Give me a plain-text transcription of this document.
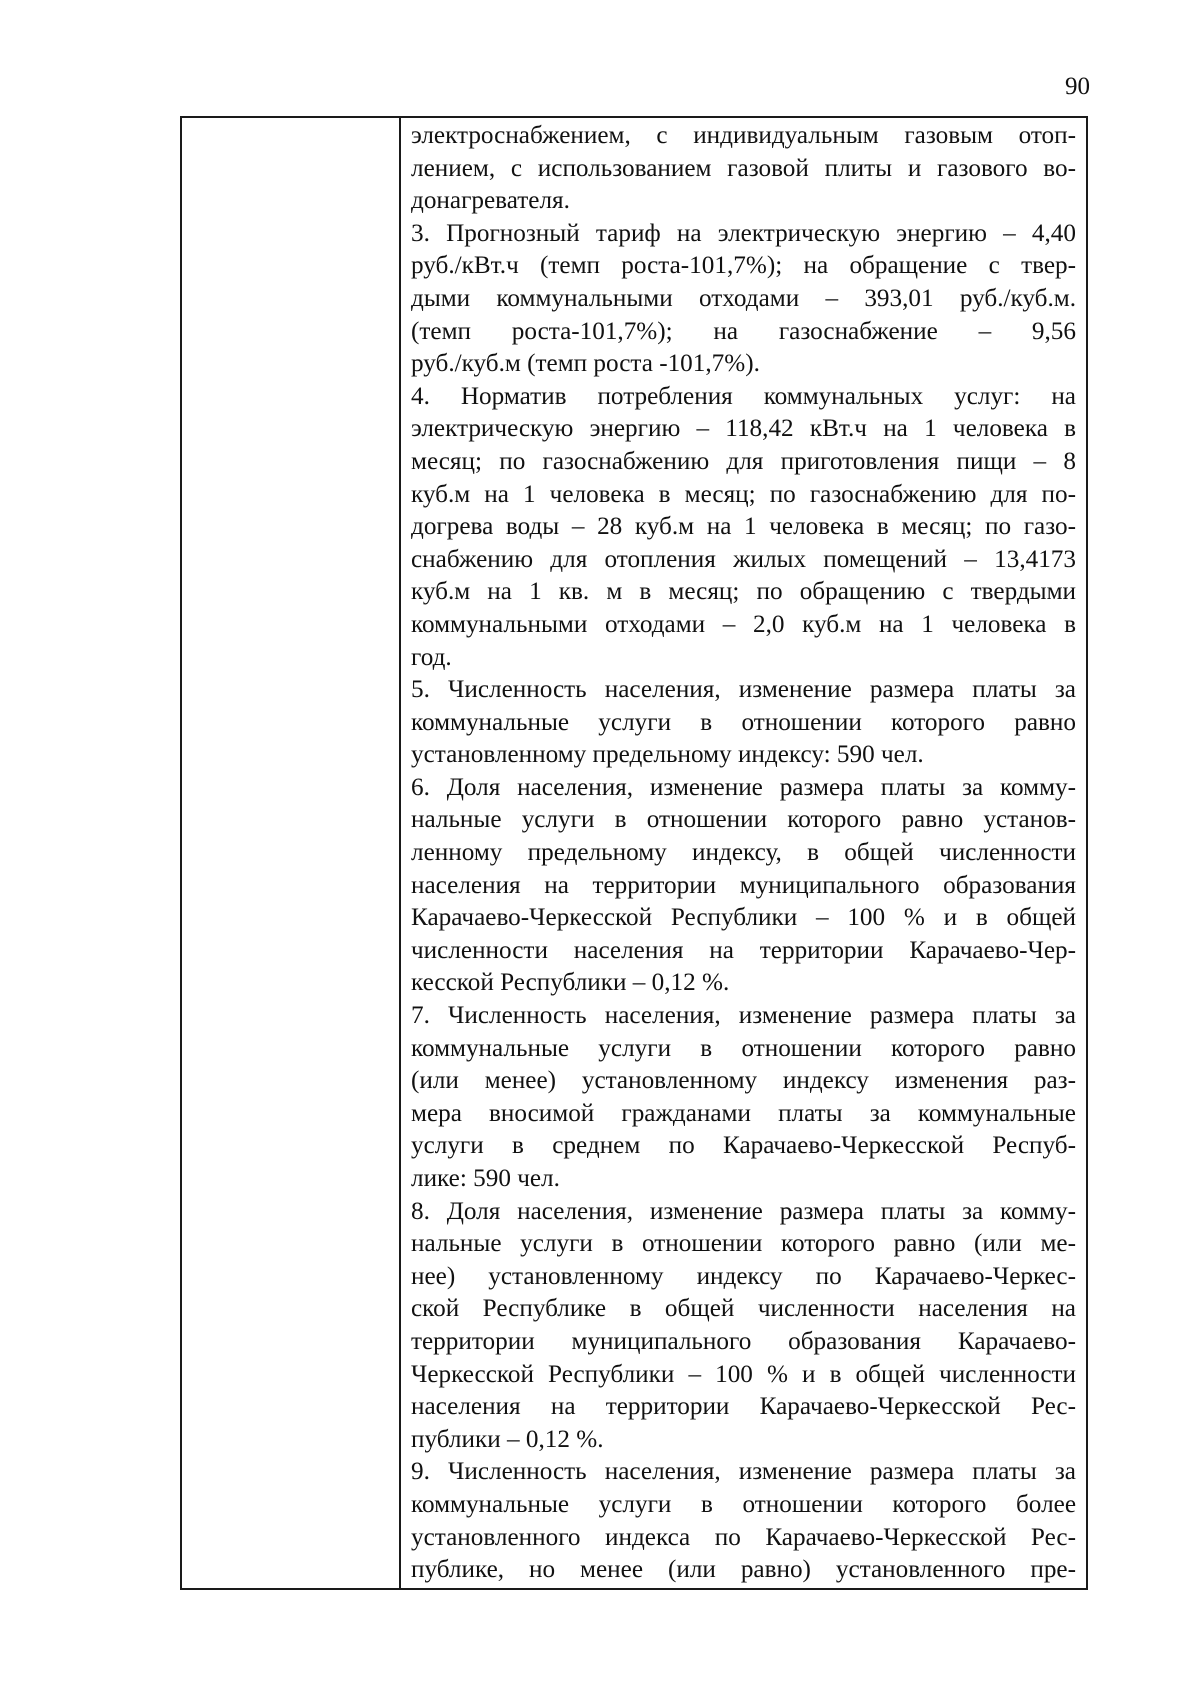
90
электроснабжением, с индивидуальным газовым отоп-
лением, с использованием газовой плиты и газового во-
донагревателя.
3. Прогнозный тариф на электрическую энергию – 4,40
руб./кВт.ч (темп роста-101,7%); на обращение с твер-
дыми коммунальными отходами – 393,01 руб./куб.м.
(темп роста-101,7%); на газоснабжение – 9,56
руб./куб.м (темп роста -101,7%).
4. Норматив потребления коммунальных услуг: на
электрическую энергию – 118,42 кВт.ч на 1 человека в
месяц; по газоснабжению для приготовления пищи – 8
куб.м на 1 человека в месяц; по газоснабжению для по-
догрева воды – 28 куб.м на 1 человека в месяц; по газо-
снабжению для отопления жилых помещений – 13,4173
куб.м на 1 кв. м в месяц; по обращению с твердыми
коммунальными отходами – 2,0 куб.м на 1 человека в
год.
5. Численность населения, изменение размера платы за
коммунальные услуги в отношении которого равно
установленному предельному индексу: 590 чел.
6. Доля населения, изменение размера платы за комму-
нальные услуги в отношении которого равно установ-
ленному предельному индексу, в общей численности
населения на территории муниципального образования
Карачаево-Черкесской Республики – 100 % и в общей
численности населения на территории Карачаево-Чер-
кесской Республики – 0,12 %.
7. Численность населения, изменение размера платы за
коммунальные услуги в отношении которого равно
(или менее) установленному индексу изменения раз-
мера вносимой гражданами платы за коммунальные
услуги в среднем по Карачаево-Черкесской Респуб-
лике: 590 чел.
8. Доля населения, изменение размера платы за комму-
нальные услуги в отношении которого равно (или ме-
нее) установленному индексу по Карачаево-Черкес-
ской Республике в общей численности населения на
территории муниципального образования Карачаево-
Черкесской Республики – 100 % и в общей численности
населения на территории Карачаево-Черкесской Рес-
публики – 0,12 %.
9. Численность населения, изменение размера платы за
коммунальные услуги в отношении которого более
установленного индекса по Карачаево-Черкесской Рес-
публике, но менее (или равно) установленного пре-
